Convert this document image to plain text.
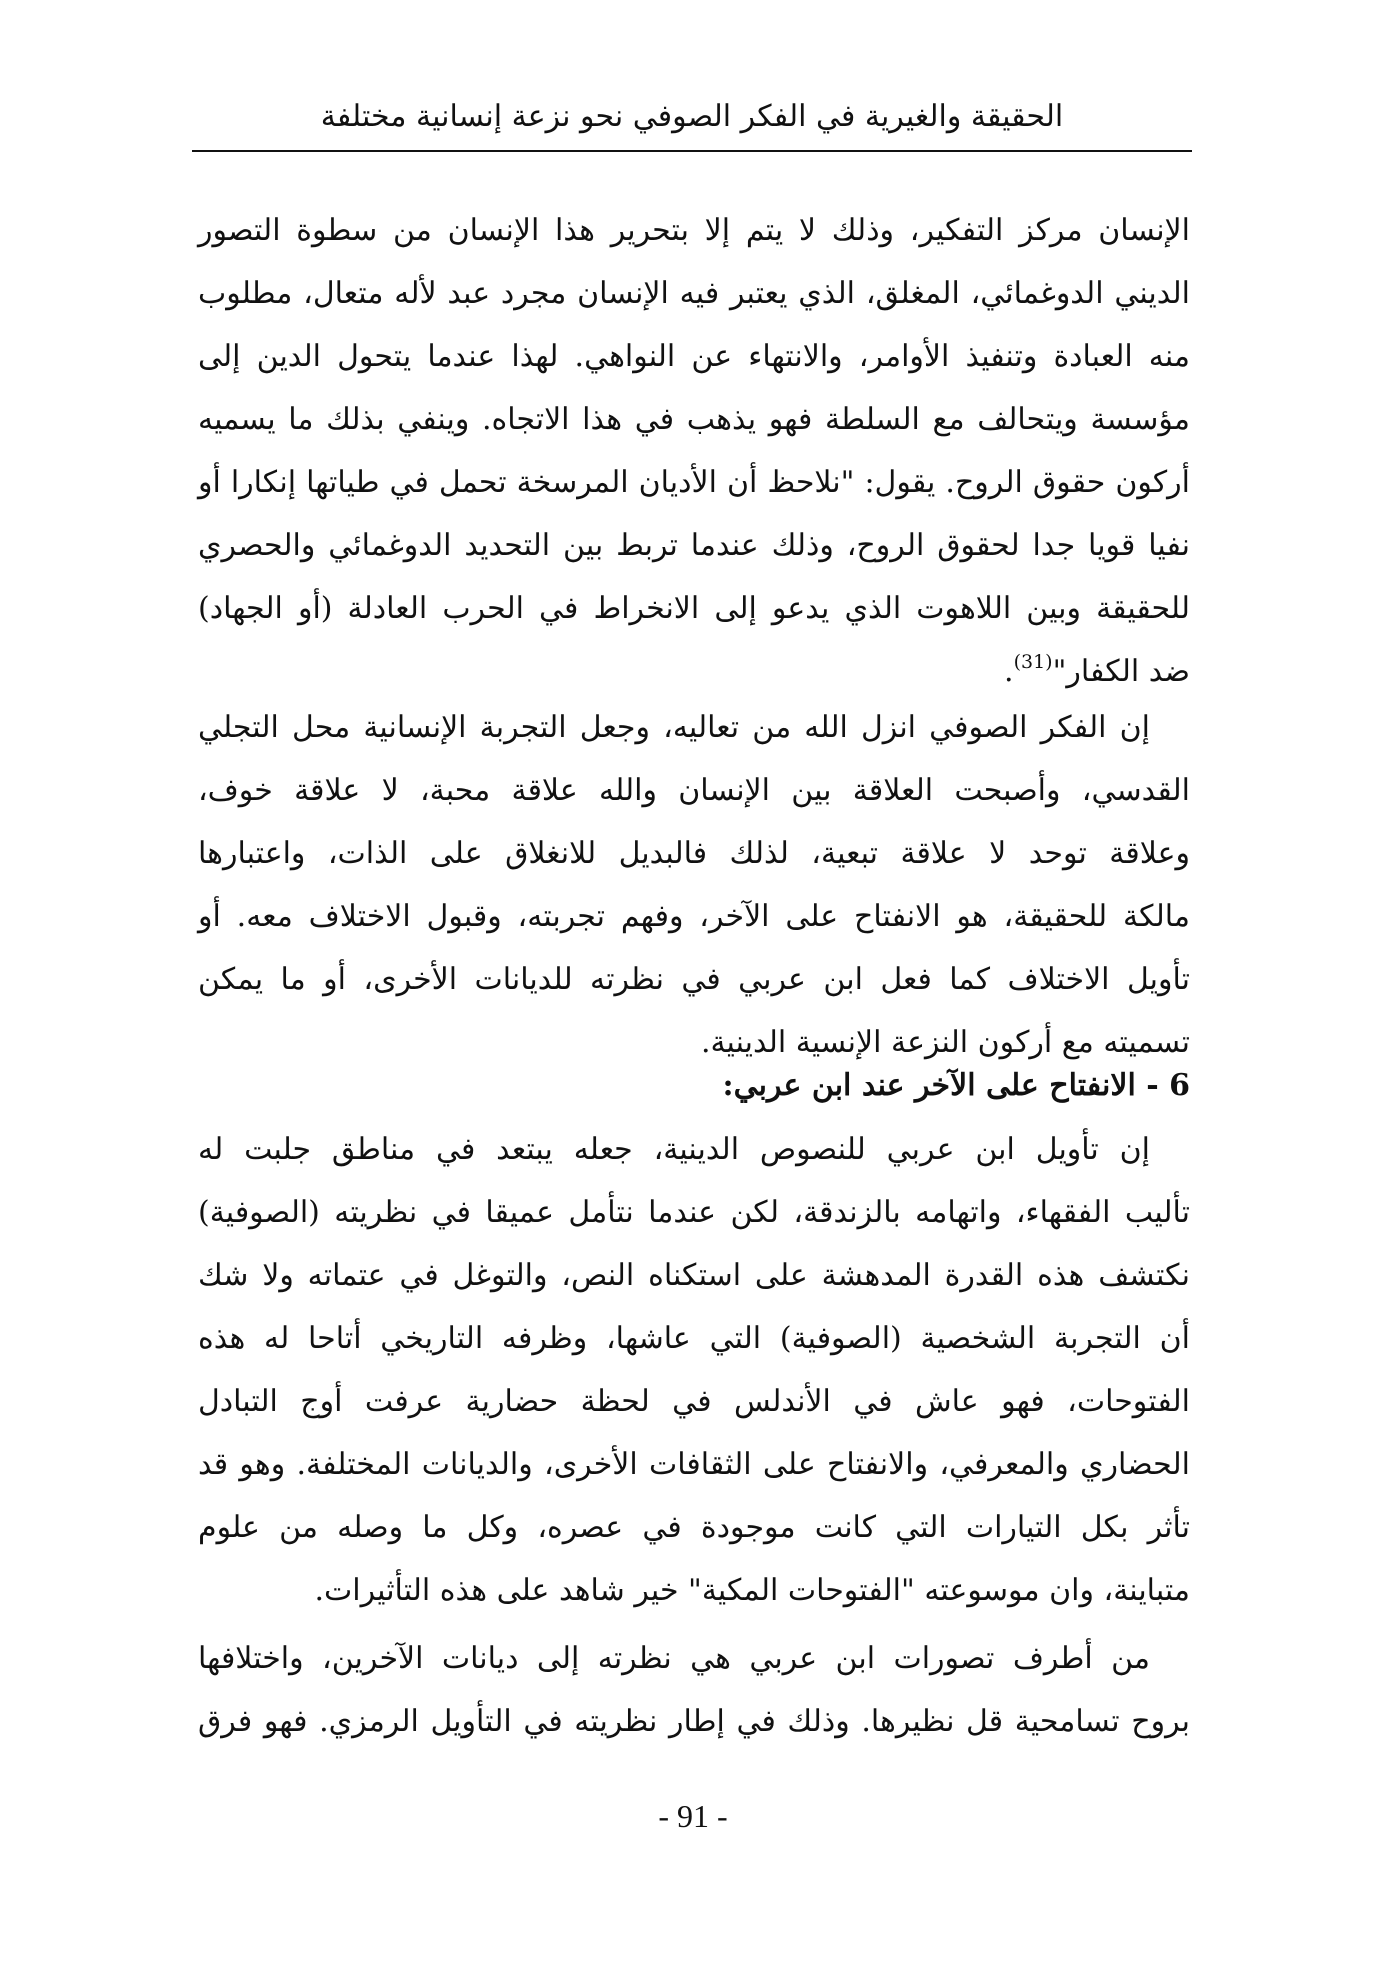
الحقيقة والغيرية في الفكر الصوفي نحو نزعة إنسانية مختلفة
الإنسان مركز التفكير، وذلك لا يتم إلا بتحرير هذا الإنسان من سطوة التصور
الديني الدوغمائي، المغلق، الذي يعتبر فيه الإنسان مجرد عبد لأله متعال، مطلوب
منه العبادة وتنفيذ الأوامر، والانتهاء عن النواهي. لهذا عندما يتحول الدين إلى
مؤسسة ويتحالف مع السلطة فهو يذهب في هذا الاتجاه. وينفي بذلك ما يسميه
أركون حقوق الروح. يقول: "نلاحظ أن الأديان المرسخة تحمل في طياتها إنكارا أو
نفيا قويا جدا لحقوق الروح، وذلك عندما تربط بين التحديد الدوغمائي والحصري
للحقيقة وبين اللاهوت الذي يدعو إلى الانخراط في الحرب العادلة (أو الجهاد)
ضد الكفار"$^{(31)}$.
إن الفكر الصوفي انزل الله من تعاليه، وجعل التجربة الإنسانية محل التجلي
القدسي، وأصبحت العلاقة بين الإنسان والله علاقة محبة، لا علاقة خوف،
وعلاقة توحد لا علاقة تبعية، لذلك فالبديل للانغلاق على الذات، واعتبارها
مالكة للحقيقة، هو الانفتاح على الآخر، وفهم تجربته، وقبول الاختلاف معه. أو
تأويل الاختلاف كما فعل ابن عربي في نظرته للديانات الأخرى، أو ما يمكن
تسميته مع أركون النزعة الإنسية الدينية.
6 - الانفتاح على الآخر عند ابن عربي:
إن تأويل ابن عربي للنصوص الدينية، جعله يبتعد في مناطق جلبت له
تأليب الفقهاء، واتهامه بالزندقة، لكن عندما نتأمل عميقا في نظريته (الصوفية)
نكتشف هذه القدرة المدهشة على استكناه النص، والتوغل في عتماته ولا شك
أن التجربة الشخصية (الصوفية) التي عاشها، وظرفه التاريخي أتاحا له هذه
الفتوحات، فهو عاش في الأندلس في لحظة حضارية عرفت أوج التبادل
الحضاري والمعرفي، والانفتاح على الثقافات الأخرى، والديانات المختلفة. وهو قد
تأثر بكل التيارات التي كانت موجودة في عصره، وكل ما وصله من علوم
متباينة، وان موسوعته "الفتوحات المكية" خير شاهد على هذه التأثيرات.
من أطرف تصورات ابن عربي هي نظرته إلى ديانات الآخرين، واختلافها
بروح تسامحية قل نظيرها. وذلك في إطار نظريته في التأويل الرمزي. فهو فرق
- 91 -
